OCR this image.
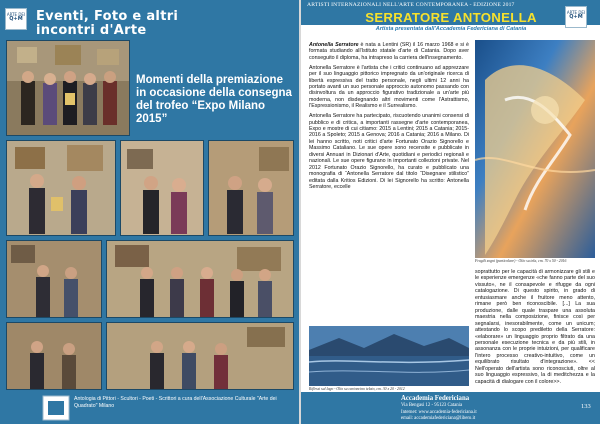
ARTE DEI
Q+M Eventi, Foto e altri
incontri d'Arte
Momenti della premiazione in occasione della consegna del trofeo “Expo Milano 2015”
Antologia di Pittori - Scultori - Poeti - Scrittori a cura dell'Associazione Culturale "Arte dei Quadrato" Milano
ARTISTI INTERNAZIONALI NELL'ARTE CONTEMPORANEA - EDIZIONE 2017
ARTE DEI
Q+M
SERRATORE ANTONELLA
Artista presentata dall'Accademia Federiciana di Catania

Antonella Serratore è nata a Lentini (SR) il 16 marzo 1968 e si è formata studiando all'Istituto statale d'arte di Catania. Dopo aver conseguito il diploma, ha intrapreso la carriera dell'insegnamento.

Antonella Serratore è l'artista che i critici continuano ad apprezzare per il suo linguaggio pittorico impregnato da un'originale ricerca di libertà espressiva del tratto personale, negli ultimi 12 anni ha portato avanti un suo personale approccio autonomo passando con disinvoltura da un approccio figurativo tradizionale a un'arte più moderna, non disdegnando altri movimenti come l'Astrattismo, l'Espressionismo, il Realismo e il Surrealismo.

Antonella Serratore ha partecipato, riscuotendo unanimi consensi di pubblico e di critica, a importanti rassegne d'arte contemporanea, Expo e mostre di cui citiamo: 2015 a Lentini; 2015 a Catania; 2015-2016 a Spoleto; 2015 a Genova; 2016 a Catania; 2016 a Milano. Di lei hanno scritto, noti critici d'arte Fortunato Orazio Signorello e Massimo Cataliano. Le sue opere sono recensite e pubblicate in diversi Annuari in Dizionari d'Arte, quotidiani e periodici regionali e nazionali. Le sue opere figurano in importanti collezioni private. Nel 2012 Fortunato Orazio Signorello, ha curato e pubblicato una monografia di “Antonella Serratore dal titolo “Disegnare stilistico” editata dalla Kritios Edizioni. Di lei Signorello ha scritto: Antonella Serratore, eccelle

Fragili sogni (particolare) - Olio su tela, cm. 70 x 50 - 2016
soprattutto per le capacità di armonizzare gli stili e le esperienze emergenze «che fanno parte del suo vissuto», ne il consapevole e rifugge da ogni catalogazione. Di questo spirito, in grado di entusiasmare anche il fruitore meno attento, rimane però ben riconoscibile. [...] La sua produzione, dalle quale traspare una assoluta maestria nella composizione, finisce così per segnalarsi, inesorabilmente, come un unicum; attestando lo scopo prediletto della Serratore: «elaborare» un linguaggio proprio filtrato da una personale esecuzione tecnica e da più stili, in assonanza con le proprie intuizioni, per qualificare l'intero processo creativo-intuitivo, come un equilibrato risultato d'integrazione». << Nell'operato dell'artista sono riconosciuti, oltre al suo linguaggio espressivo, la di meditchezza e la capacità di dialogare con il colore>>.
Riflessi sul lago - Olio su cartoncino telato, cm. 30 x 20 - 2012
Accademia Federiciana
Via Bengasi 12 - 95123 Catania
Internet: www.accademia-federiciana.it
email: accademiafedericiana@libero.it
133
